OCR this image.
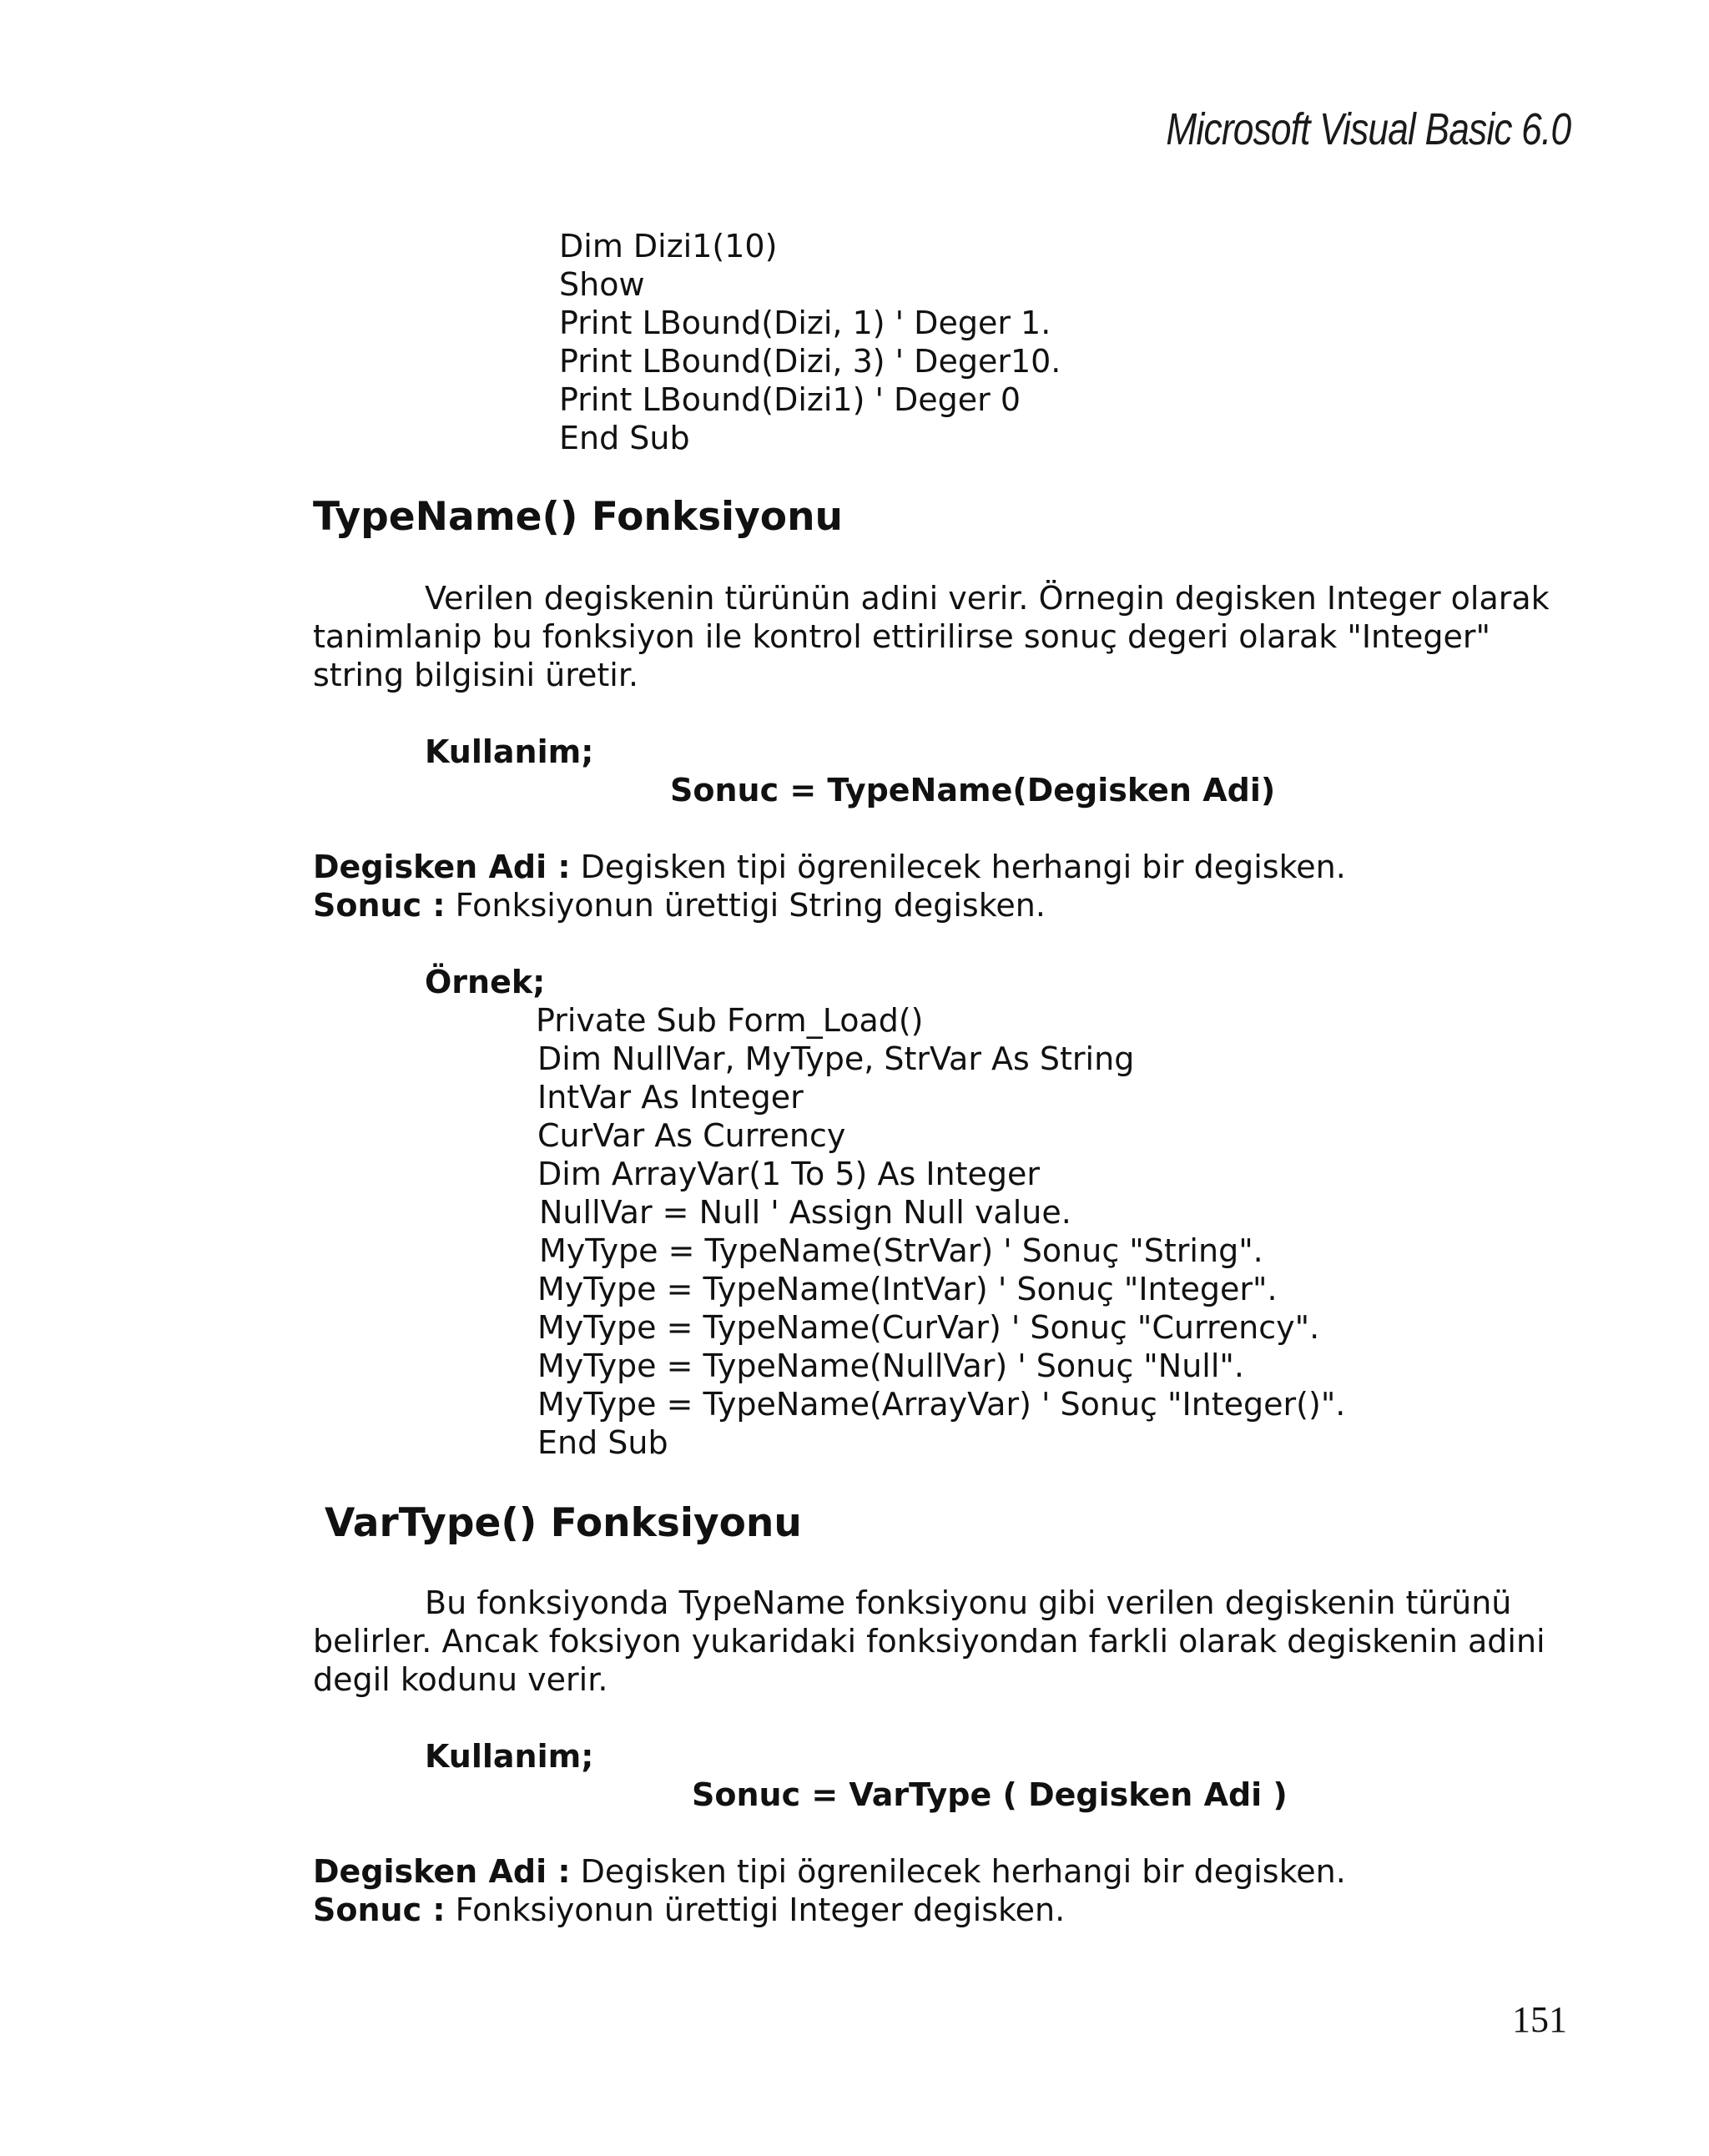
Microsoft Visual Basic 6.0
Dim Dizi1(10)
Show
Print LBound(Dizi, 1) ' Deger 1.
Print LBound(Dizi, 3) ' Deger10.
Print LBound(Dizi1) ' Deger 0
End Sub
TypeName() Fonksiyonu
Verilen degiskenin türünün adini verir. Örnegin degisken Integer olarak tanimlanip bu fonksiyon ile kontrol ettirilirse sonuç degeri olarak "Integer" string bilgisini üretir.
Kullanim;
Sonuc = TypeName(Degisken Adi)
Degisken Adi : Degisken tipi ögrenilecek herhangi bir degisken.
Sonuc : Fonksiyonun ürettigi String degisken.
Örnek;
Private Sub Form_Load()
Dim NullVar, MyType, StrVar As String
IntVar As Integer
CurVar As Currency
Dim ArrayVar(1 To 5) As Integer
NullVar = Null ' Assign Null value.
MyType = TypeName(StrVar) ' Sonuç "String".
MyType = TypeName(IntVar) ' Sonuç "Integer".
MyType = TypeName(CurVar) ' Sonuç "Currency".
MyType = TypeName(NullVar) ' Sonuç "Null".
MyType = TypeName(ArrayVar) ' Sonuç "Integer()".
End Sub
VarType() Fonksiyonu
Bu fonksiyonda TypeName fonksiyonu gibi verilen degiskenin türünü belirler. Ancak foksiyon yukaridaki fonksiyondan farkli olarak degiskenin adini degil kodunu verir.
Kullanim;
Sonuc = VarType ( Degisken Adi )
Degisken Adi : Degisken tipi ögrenilecek herhangi bir degisken.
Sonuc : Fonksiyonun ürettigi Integer degisken.
151
